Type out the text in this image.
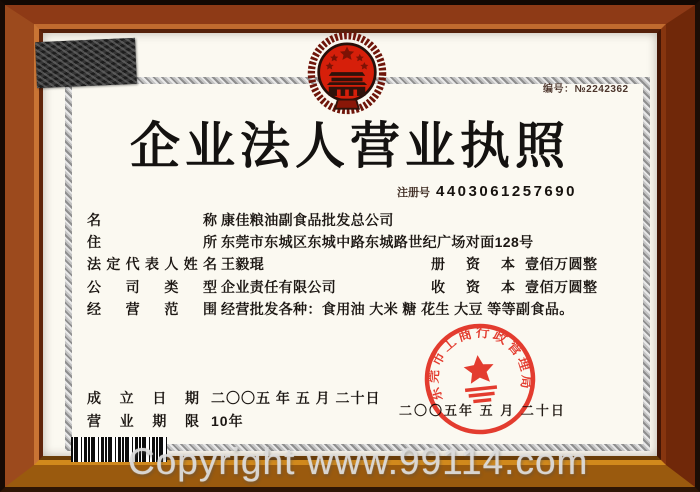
编号：№2242362
企业法人营业执照
注册号 4403061257690
名称 康佳粮油副食品批发总公司
住所 东莞市东城区东城中路东城路世纪广场对面128号
法定代表人姓名 王毅琨
公司类型 企业责任有限公司
经营范围 经营批发各种：食用油 大米 糖 花生 大豆 等等副食品。
册资本 壹佰万圆整
收资本 壹佰万圆整
成立日期 二〇〇五 年 五 月 二十日
营业期限 10年
二〇〇五年 五 月 二十日
东莞市工商行政管理局
Copyright www.99114.com
